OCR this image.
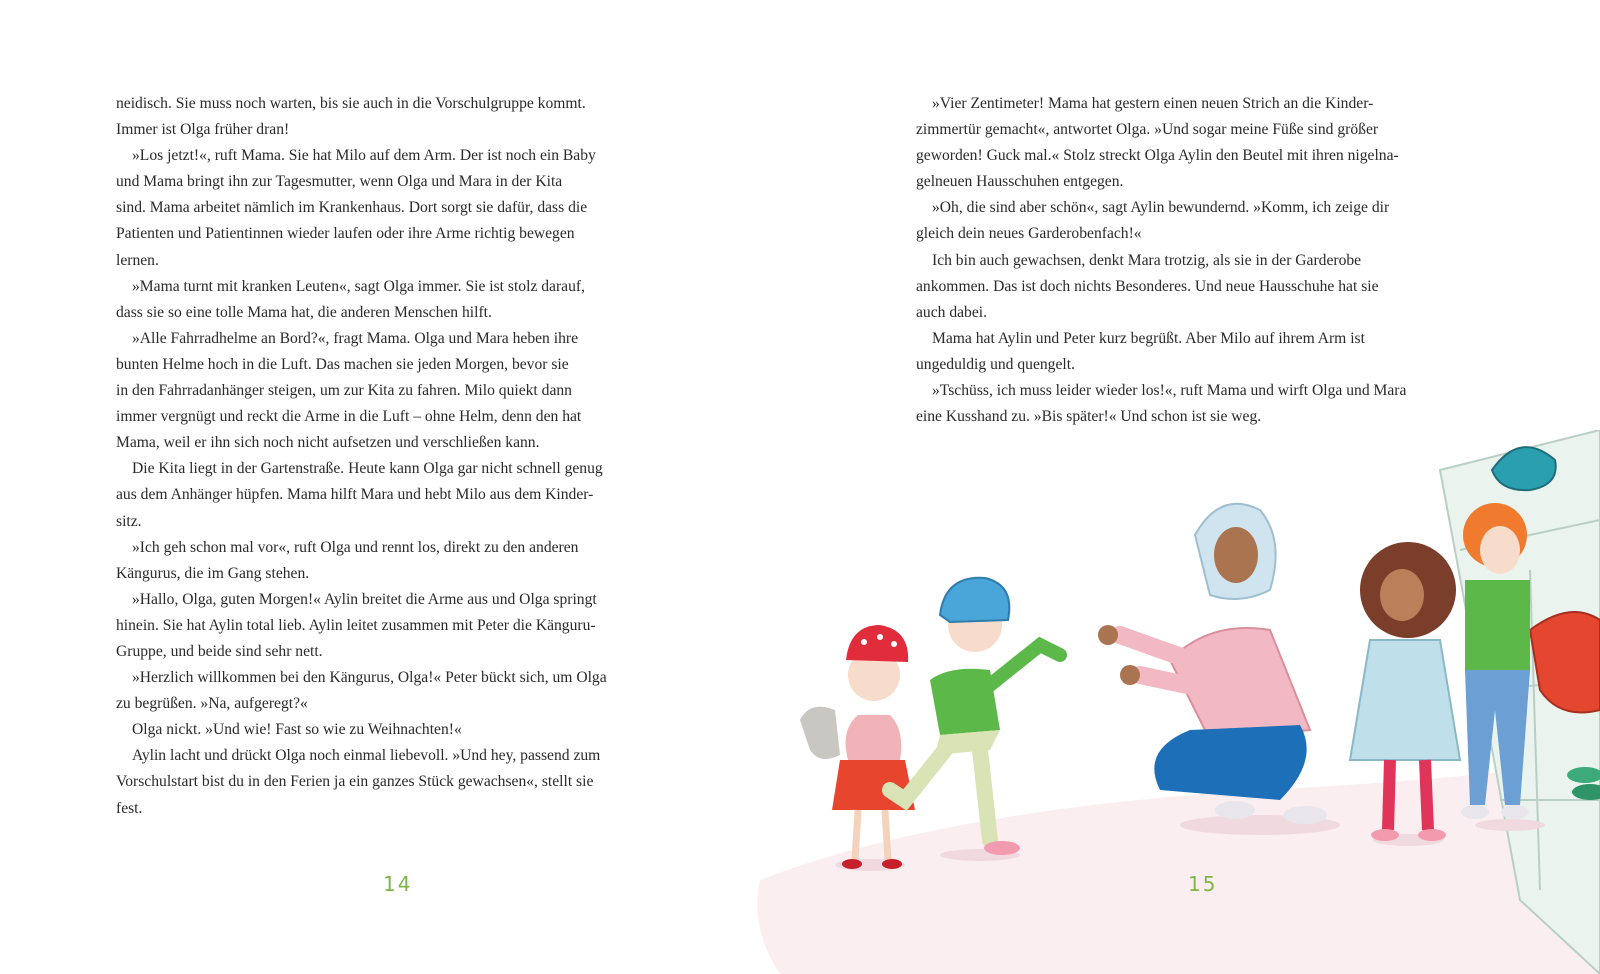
neidisch. Sie muss noch warten, bis sie auch in die Vorschulgruppe kommt.
Immer ist Olga früher dran!
»Los jetzt!«, ruft Mama. Sie hat Milo auf dem Arm. Der ist noch ein Baby
und Mama bringt ihn zur Tagesmutter, wenn Olga und Mara in der Kita
sind. Mama arbeitet nämlich im Krankenhaus. Dort sorgt sie dafür, dass die
Patienten und Patientinnen wieder laufen oder ihre Arme richtig bewegen
lernen.
»Mama turnt mit kranken Leuten«, sagt Olga immer. Sie ist stolz darauf,
dass sie so eine tolle Mama hat, die anderen Menschen hilft.
»Alle Fahrradhelme an Bord?«, fragt Mama. Olga und Mara heben ihre
bunten Helme hoch in die Luft. Das machen sie jeden Morgen, bevor sie
in den Fahrradanhänger steigen, um zur Kita zu fahren. Milo quiekt dann
immer vergnügt und reckt die Arme in die Luft – ohne Helm, denn den hat
Mama, weil er ihn sich noch nicht aufsetzen und verschließen kann.
Die Kita liegt in der Gartenstraße. Heute kann Olga gar nicht schnell genug
aus dem Anhänger hüpfen. Mama hilft Mara und hebt Milo aus dem Kinder-
sitz.
»Ich geh schon mal vor«, ruft Olga und rennt los, direkt zu den anderen
Kängurus, die im Gang stehen.
»Hallo, Olga, guten Morgen!« Aylin breitet die Arme aus und Olga springt
hinein. Sie hat Aylin total lieb. Aylin leitet zusammen mit Peter die Känguru-
Gruppe, und beide sind sehr nett.
»Herzlich willkommen bei den Kängurus, Olga!« Peter bückt sich, um Olga
zu begrüßen. »Na, aufgeregt?«
Olga nickt. »Und wie! Fast so wie zu Weihnachten!«
Aylin lacht und drückt Olga noch einmal liebevoll. »Und hey, passend zum
Vorschulstart bist du in den Ferien ja ein ganzes Stück gewachsen«, stellt sie
fest.
14
»Vier Zentimeter! Mama hat gestern einen neuen Strich an die Kinder-
zimmertür gemacht«, antwortet Olga. »Und sogar meine Füße sind größer
geworden! Guck mal.« Stolz streckt Olga Aylin den Beutel mit ihren nigelna-
gelneuen Hausschuhen entgegen.
»Oh, die sind aber schön«, sagt Aylin bewundernd. »Komm, ich zeige dir
gleich dein neues Garderobenfach!«
Ich bin auch gewachsen, denkt Mara trotzig, als sie in der Garderobe
ankommen. Das ist doch nichts Besonderes. Und neue Hausschuhe hat sie
auch dabei.
Mama hat Aylin und Peter kurz begrüßt. Aber Milo auf ihrem Arm ist
ungeduldig und quengelt.
»Tschüss, ich muss leider wieder los!«, ruft Mama und wirft Olga und Mara
eine Kusshand zu. »Bis später!« Und schon ist sie weg.
15
